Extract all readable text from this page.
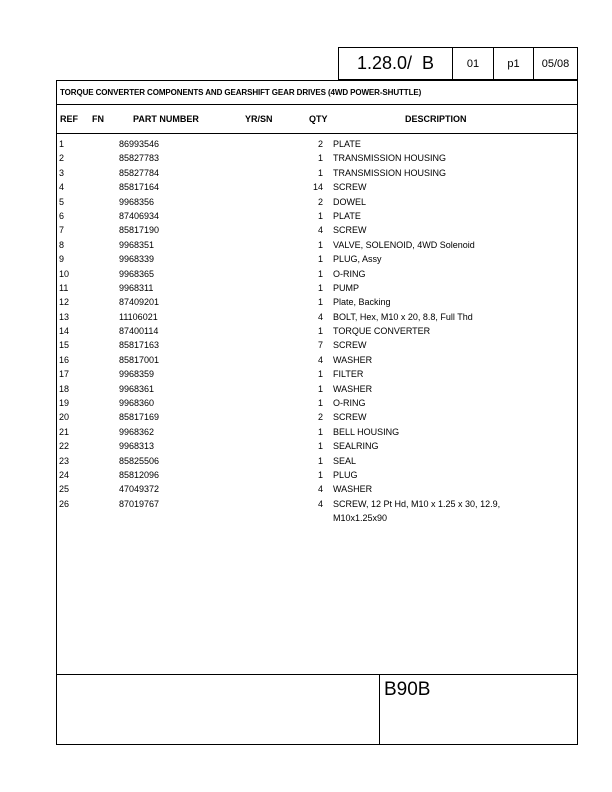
1.28.0/  B	01	p1 05/08
TORQUE CONVERTER COMPONENTS AND GEARSHIFT GEAR DRIVES (4WD POWER-SHUTTLE)
REF FN	PART NUMBER	YR/SN	QTY	DESCRIPTION
1	86993546	2 PLATE
2	85827783	1 TRANSMISSION HOUSING
3	85827784	1 TRANSMISSION HOUSING
4	85817164	14 SCREW
5	9968356	2 DOWEL
6	87406934	1 PLATE
7	85817190	4 SCREW
8	9968351	1 VALVE, SOLENOID, 4WD Solenoid
9	9968339	1 PLUG, Assy
10	9968365	1 O-RING
11	9968311	1 PUMP
12	87409201	1 Plate, Backing
13	11106021	4 BOLT, Hex, M10 x 20, 8.8, Full Thd
14	87400114	1 TORQUE CONVERTER
15	85817163	7 SCREW
16	85817001	4 WASHER
17	9968359	1 FILTER
18	9968361	1 WASHER
19	9968360	1 O-RING
20	85817169	2 SCREW
21	9968362	1 BELL HOUSING
22	9968313	1 SEALRING
23	85825506	1 SEAL
24	85812096	1 PLUG
25	47049372	4 WASHER
26	87019767	4 SCREW, 12 Pt Hd, M10 x 1.25 x 30, 12.9,
M10x1.25x90
B90B
